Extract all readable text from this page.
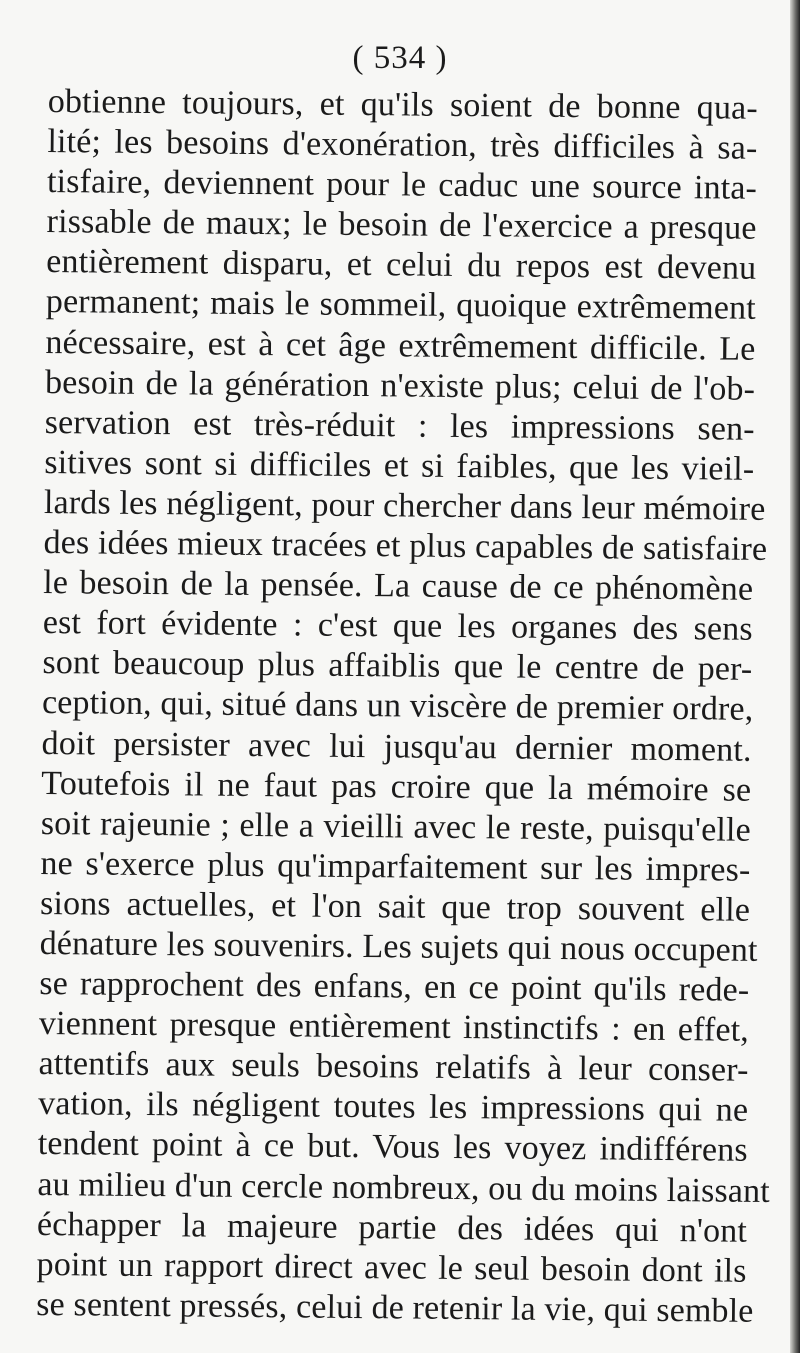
( 534 )
obtienne toujours, et qu'ils soient de bonne qua-
lité; les besoins d'exonération, très difficiles à sa-
tisfaire, deviennent pour le caduc une source inta-
rissable de maux; le besoin de l'exercice a presque
entièrement disparu, et celui du repos est devenu
permanent; mais le sommeil, quoique extrêmement
nécessaire, est à cet âge extrêmement difficile. Le
besoin de la génération n'existe plus; celui de l'ob-
servation est très-réduit : les impressions sen-
sitives sont si difficiles et si faibles, que les vieil-
lards les négligent, pour chercher dans leur mémoire
des idées mieux tracées et plus capables de satisfaire
le besoin de la pensée. La cause de ce phénomène
est fort évidente : c'est que les organes des sens
sont beaucoup plus affaiblis que le centre de per-
ception, qui, situé dans un viscère de premier ordre,
doit persister avec lui jusqu'au dernier moment.
Toutefois il ne faut pas croire que la mémoire se
soit rajeunie ; elle a vieilli avec le reste, puisqu'elle
ne s'exerce plus qu'imparfaitement sur les impres-
sions actuelles, et l'on sait que trop souvent elle
dénature les souvenirs. Les sujets qui nous occupent
se rapprochent des enfans, en ce point qu'ils rede-
viennent presque entièrement instinctifs : en effet,
attentifs aux seuls besoins relatifs à leur conser-
vation, ils négligent toutes les impressions qui ne
tendent point à ce but. Vous les voyez indifférens
au milieu d'un cercle nombreux, ou du moins laissant
échapper la majeure partie des idées qui n'ont
point un rapport direct avec le seul besoin dont ils
se sentent pressés, celui de retenir la vie, qui semble
